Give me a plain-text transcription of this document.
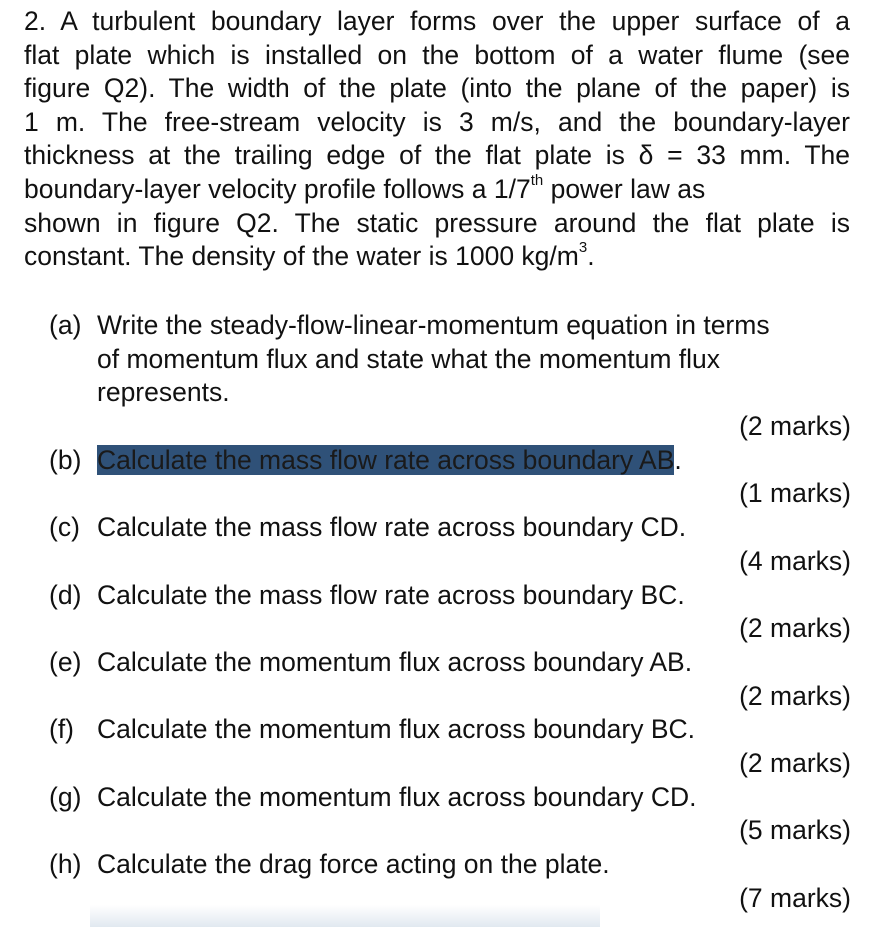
2. A turbulent boundary layer forms over the upper surface of a
flat plate which is installed on the bottom of a water flume (see
figure Q2). The width of the plate (into the plane of the paper) is
1 m. The free-stream velocity is 3 m/s, and the boundary-layer
thickness at the trailing edge of the flat plate is δ = 33 mm. The
boundary-layer velocity profile follows a 1/7th power law as
shown in figure Q2. The static pressure around the flat plate is
constant. The density of the water is 1000 $kg/m^3$.
(a) Write the steady-flow-linear-momentum equation in terms
of momentum flux and state what the momentum flux
represents.
(2 marks)
(b) Calculate the mass flow rate across boundary AB.
(1 marks)
(c) Calculate the mass flow rate across boundary CD.
(4 marks)
(d) Calculate the mass flow rate across boundary BC.
(2 marks)
(e) Calculate the momentum flux across boundary AB.
(2 marks)
(f) Calculate the momentum flux across boundary BC.
(2 marks)
(g) Calculate the momentum flux across boundary CD.
(5 marks)
(h) Calculate the drag force acting on the plate.
(7 marks)
